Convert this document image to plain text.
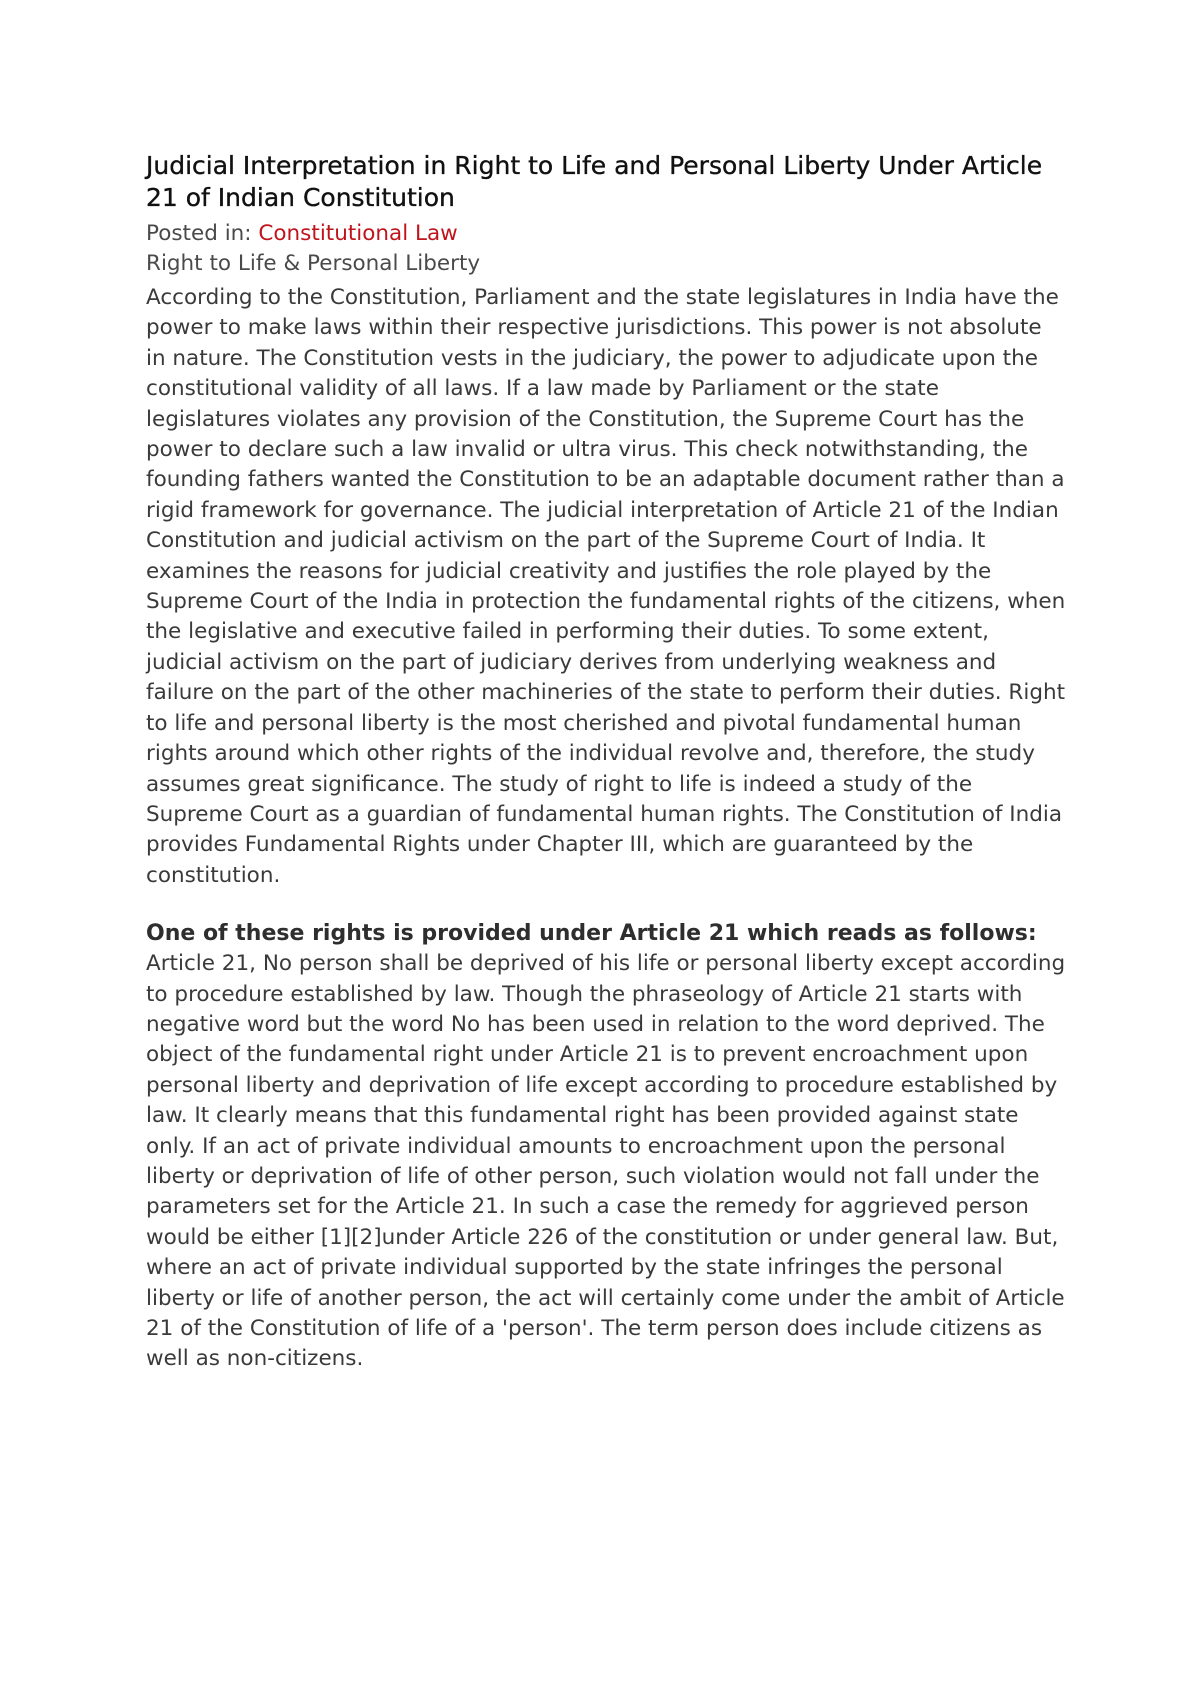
Judicial Interpretation in Right to Life and Personal Liberty Under Article 21 of Indian Constitution
Posted in: Constitutional Law
Right to Life & Personal Liberty

According to the Constitution, Parliament and the state legislatures in India have the power to make laws within their respective jurisdictions. This power is not absolute in nature. The Constitution vests in the judiciary, the power to adjudicate upon the constitutional validity of all laws. If a law made by Parliament or the state legislatures violates any provision of the Constitution, the Supreme Court has the power to declare such a law invalid or ultra virus. This check notwithstanding, the founding fathers wanted the Constitution to be an adaptable document rather than a rigid framework for governance. The judicial interpretation of Article 21 of the Indian Constitution and judicial activism on the part of the Supreme Court of India. It examines the reasons for judicial creativity and justifies the role played by the Supreme Court of the India in protection the fundamental rights of the citizens, when the legislative and executive failed in performing their duties. To some extent, judicial activism on the part of judiciary derives from underlying weakness and failure on the part of the other machineries of the state to perform their duties. Right to life and personal liberty is the most cherished and pivotal fundamental human rights around which other rights of the individual revolve and, therefore, the study assumes great significance. The study of right to life is indeed a study of the Supreme Court as a guardian of fundamental human rights. The Constitution of India provides Fundamental Rights under Chapter III, which are guaranteed by the constitution.

One of these rights is provided under Article 21 which reads as follows:

Article 21, No person shall be deprived of his life or personal liberty except according to procedure established by law. Though the phraseology of Article 21 starts with negative word but the word No has been used in relation to the word deprived. The object of the fundamental right under Article 21 is to prevent encroachment upon personal liberty and deprivation of life except according to procedure established by law. It clearly means that this fundamental right has been provided against state only. If an act of private individual amounts to encroachment upon the personal liberty or deprivation of life of other person, such violation would not fall under the parameters set for the Article 21. In such a case the remedy for aggrieved person would be either [1][2]under Article 226 of the constitution or under general law. But, where an act of private individual supported by the state infringes the personal liberty or life of another person, the act will certainly come under the ambit of Article 21 of the Constitution of life of a 'person'. The term person does include citizens as well as non-citizens.
